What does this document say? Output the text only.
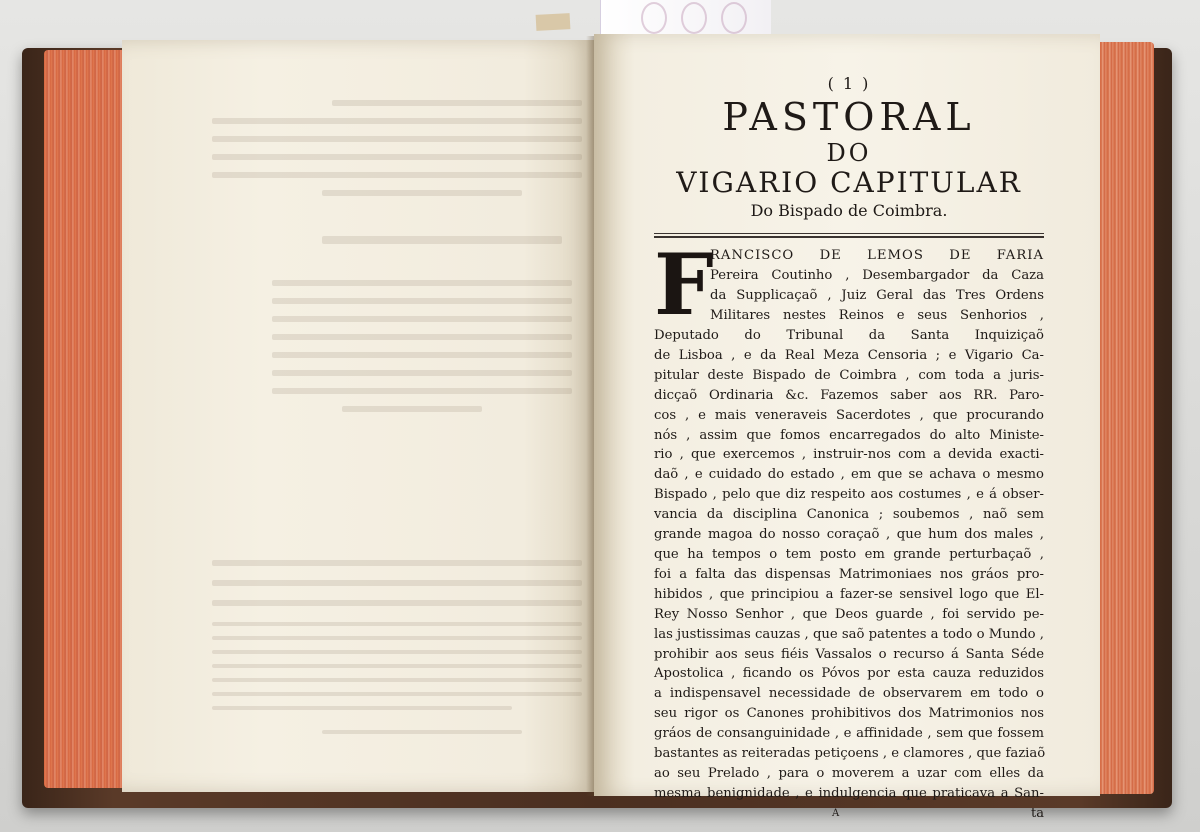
( 1 )
PASTORAL
DO
VIGARIO CAPITULAR
Do Bispado de Coimbra.
F
RANCISCO DE LEMOS DE FARIA
Pereira Coutinho , Desembargador da Caza
da Supplicaçaõ , Juiz Geral das Tres Ordens
Militares nestes Reinos e seus Senhorios ,
Deputado do Tribunal da Santa Inquiziçaõ
de Lisboa , e da Real Meza Censoria ; e Vigario Ca-
pitular deste Bispado de Coimbra , com toda a juris-
dicçaõ Ordinaria &c. Fazemos saber aos RR. Paro-
cos , e mais veneraveis Sacerdotes , que procurando
nós , assim que fomos encarregados do alto Ministe-
rio , que exercemos , instruir-nos com a devida exacti-
daõ , e cuidado do estado , em que se achava o mesmo
Bispado , pelo que diz respeito aos costumes , e á obser-
vancia da disciplina Canonica ; soubemos , naõ sem
grande magoa do nosso coraçaõ , que hum dos males ,
que ha tempos o tem posto em grande perturbaçaõ ,
foi a falta das dispensas Matrimoniaes nos gráos pro-
hibidos , que principiou a fazer-se sensivel logo que El-
Rey Nosso Senhor , que Deos guarde , foi servido pe-
las justissimas cauzas , que saõ patentes a todo o Mundo ,
prohibir aos seus fiéis Vassalos o recurso á Santa Séde
Apostolica , ficando os Póvos por esta cauza reduzidos
a indispensavel necessidade de observarem em todo o
seu rigor os Canones prohibitivos dos Matrimonios nos
gráos de consanguinidade , e affinidade , sem que fossem
bastantes as reiteradas petiçoens , e clamores , que faziaõ
ao seu Prelado , para o moverem a uzar com elles da
mesma benignidade , e indulgencia que praticava a San-
A	ta
